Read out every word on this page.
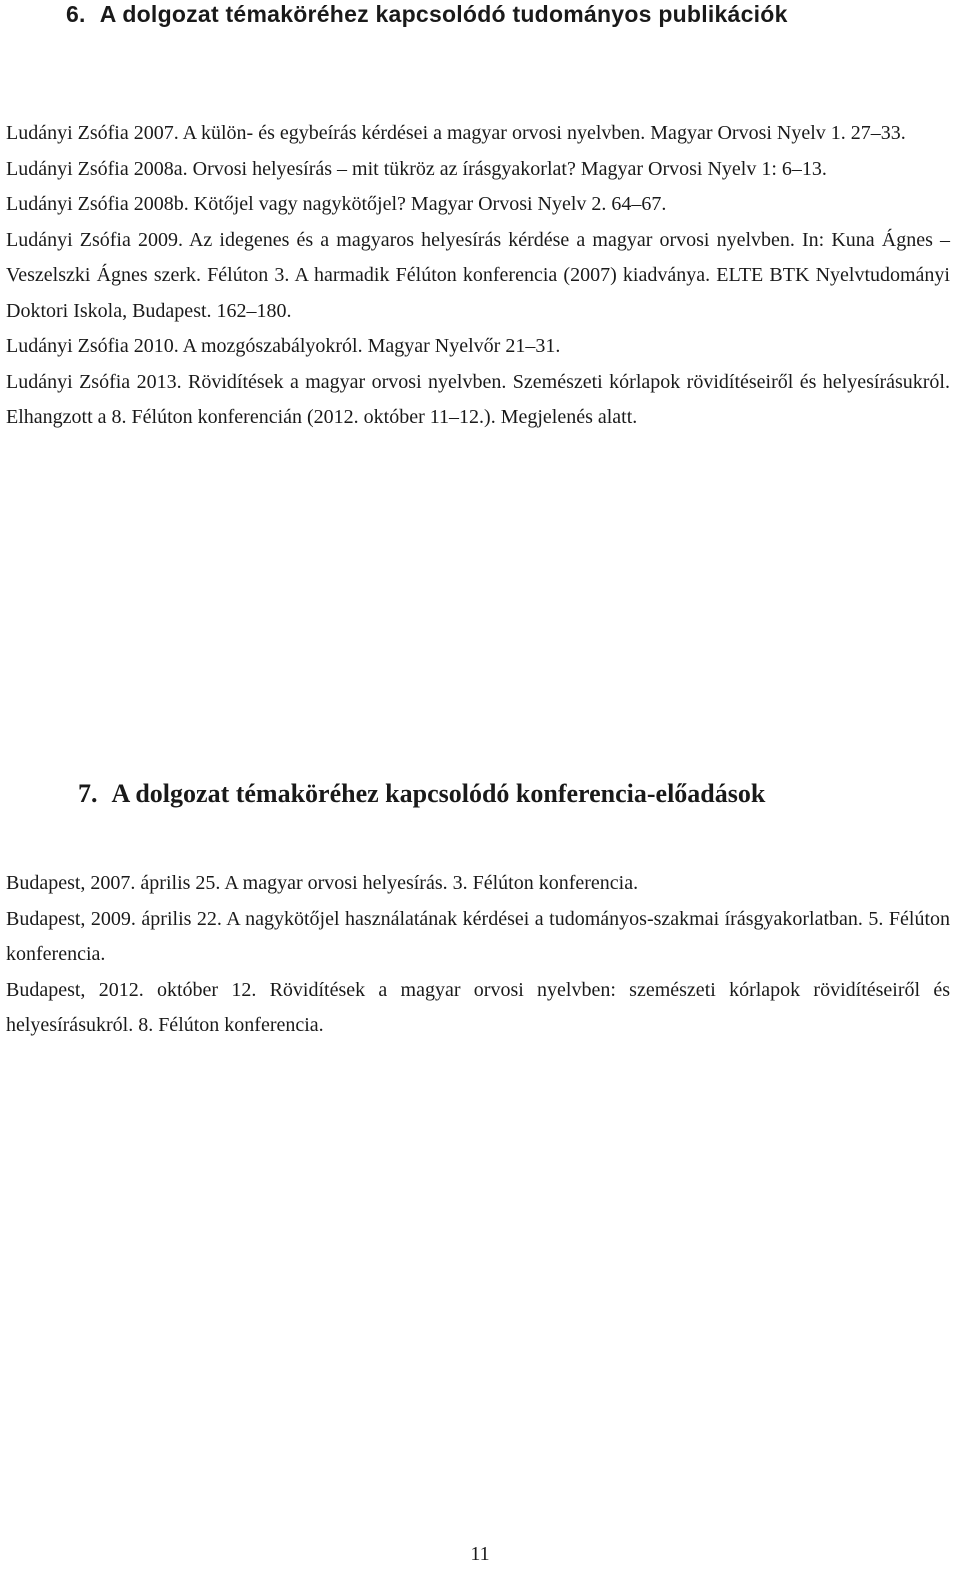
6. A dolgozat témaköréhez kapcsolódó tudományos publikációk

Ludányi Zsófia 2007. A külön- és egybeírás kérdései a magyar orvosi nyelvben. Magyar Orvosi Nyelv 1. 27–33.

Ludányi Zsófia 2008a. Orvosi helyesírás – mit tükröz az írásgyakorlat? Magyar Orvosi Nyelv 1: 6–13.

Ludányi Zsófia 2008b. Kötőjel vagy nagykötőjel? Magyar Orvosi Nyelv 2. 64–67.

Ludányi Zsófia 2009. Az idegenes és a magyaros helyesírás kérdése a magyar orvosi nyelvben. In: Kuna Ágnes – Veszelszki Ágnes szerk. Félúton 3. A harmadik Félúton konferencia (2007) kiadványa. ELTE BTK Nyelvtudományi Doktori Iskola, Budapest. 162–180.

Ludányi Zsófia 2010. A mozgószabályokról. Magyar Nyelvőr 21–31.

Ludányi Zsófia 2013. Rövidítések a magyar orvosi nyelvben. Szemészeti kórlapok rövidítéseiről és helyesírásukról. Elhangzott a 8. Félúton konferencián (2012. október 11–12.). Megjelenés alatt.

7. A dolgozat témaköréhez kapcsolódó konferencia-előadások

Budapest, 2007. április 25. A magyar orvosi helyesírás. 3. Félúton konferencia.

Budapest, 2009. április 22. A nagykötőjel használatának kérdései a tudományos-szakmai írásgyakorlatban. 5. Félúton konferencia.

Budapest, 2012. október 12. Rövidítések a magyar orvosi nyelvben: szemészeti kórlapok rövidítéseiről és helyesírásukról. 8. Félúton konferencia.

11
